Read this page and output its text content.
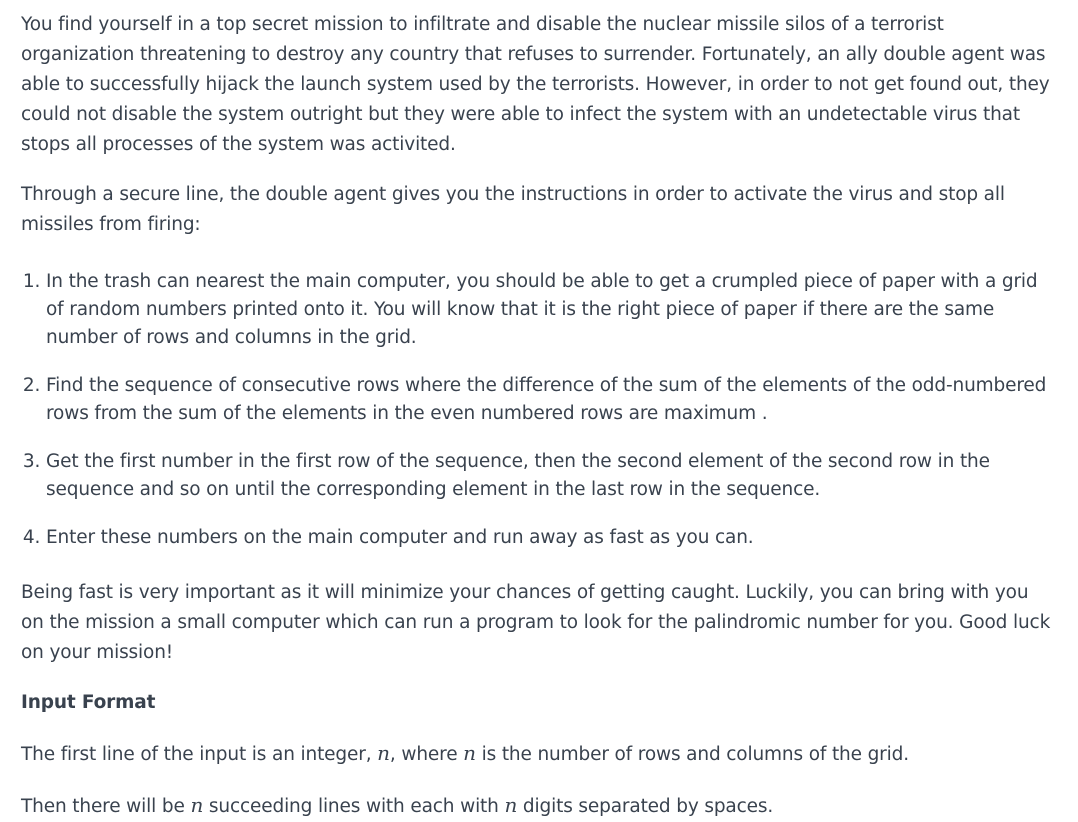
You find yourself in a top secret mission to infiltrate and disable the nuclear missile silos of a terrorist organization threatening to destroy any country that refuses to surrender. Fortunately, an ally double agent was able to successfully hijack the launch system used by the terrorists. However, in order to not get found out, they could not disable the system outright but they were able to infect the system with an undetectable virus that stops all processes of the system was activited.

Through a secure line, the double agent gives you the instructions in order to activate the virus and stop all missiles from firing:

1. In the trash can nearest the main computer, you should be able to get a crumpled piece of paper with a grid of random numbers printed onto it. You will know that it is the right piece of paper if there are the same number of rows and columns in the grid.
2. Find the sequence of consecutive rows where the difference of the sum of the elements of the odd-numbered rows from the sum of the elements in the even numbered rows are maximum .
3. Get the first number in the first row of the sequence, then the second element of the second row in the sequence and so on until the corresponding element in the last row in the sequence.
4. Enter these numbers on the main computer and run away as fast as you can.

Being fast is very important as it will minimize your chances of getting caught. Luckily, you can bring with you on the mission a small computer which can run a program to look for the palindromic number for you. Good luck on your mission!

Input Format

The first line of the input is an integer, n, where n is the number of rows and columns of the grid.

Then there will be n succeeding lines with each with n digits separated by spaces.
